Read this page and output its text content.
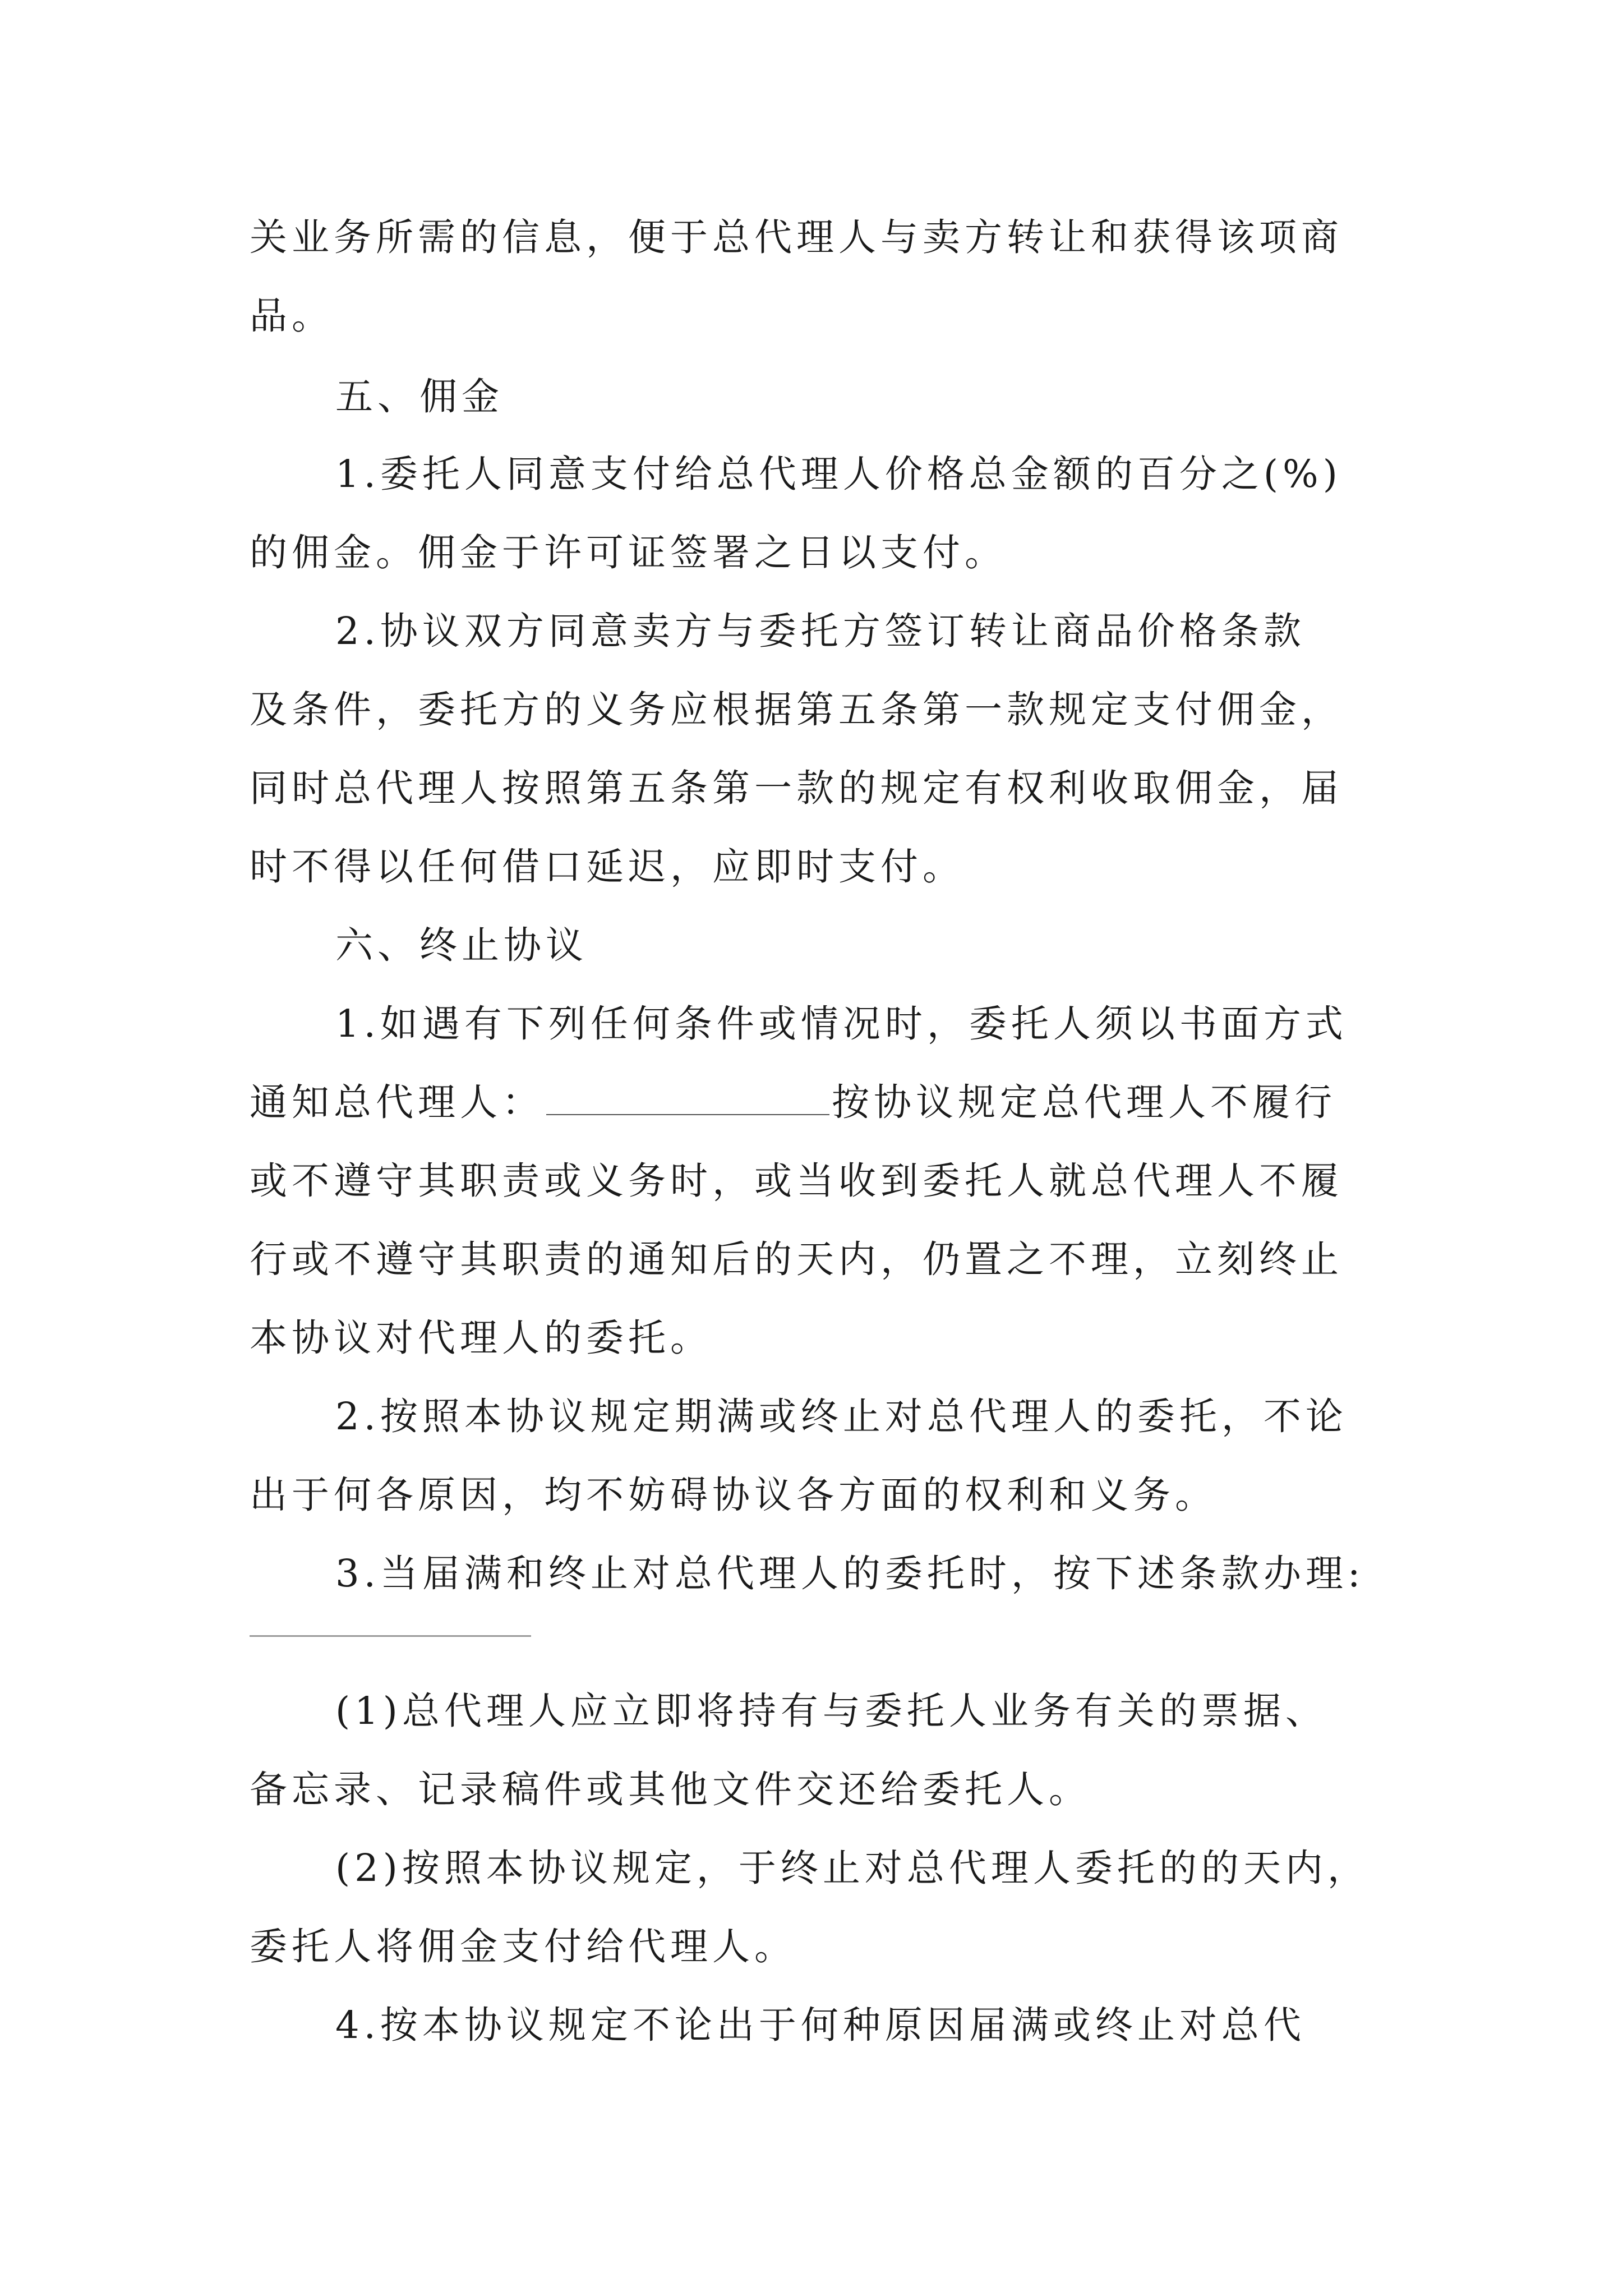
关业务所需的信息，便于总代理人与卖方转让和获得该项商
品。
五、佣金
1.委托人同意支付给总代理人价格总金额的百分之(%)
的佣金。佣金于许可证签署之日以支付。
2.协议双方同意卖方与委托方签订转让商品价格条款
及条件，委托方的义务应根据第五条第一款规定支付佣金，
同时总代理人按照第五条第一款的规定有权利收取佣金，届
时不得以任何借口延迟，应即时支付。
六、终止协议
1.如遇有下列任何条件或情况时，委托人须以书面方式
通知总代理人：	按协议规定总代理人不履行
或不遵守其职责或义务时，或当收到委托人就总代理人不履
行或不遵守其职责的通知后的天内，仍置之不理，立刻终止
本协议对代理人的委托。
2.按照本协议规定期满或终止对总代理人的委托，不论
出于何各原因，均不妨碍协议各方面的权利和义务。
3.当届满和终止对总代理人的委托时，按下述条款办理:
(1)总代理人应立即将持有与委托人业务有关的票据、
备忘录、记录稿件或其他文件交还给委托人。
(2)按照本协议规定，于终止对总代理人委托的的天内，
委托人将佣金支付给代理人。
4.按本协议规定不论出于何种原因届满或终止对总代
